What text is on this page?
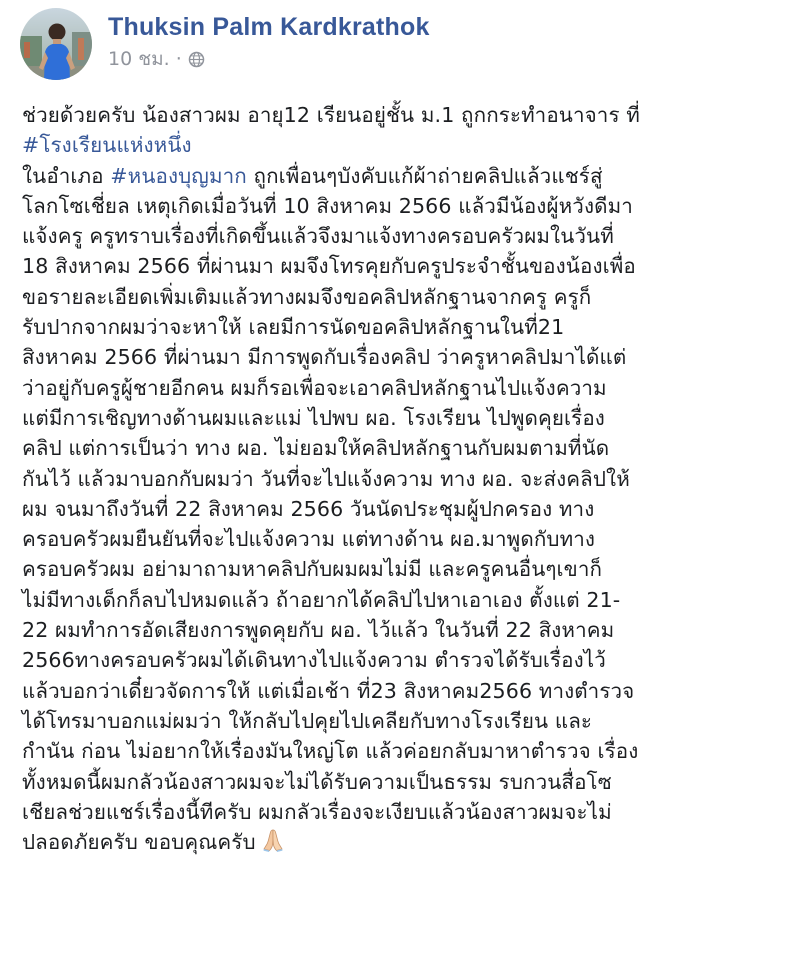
Thuksin Palm Kardkrathok
10 ชม. ·

ช่วยด้วยครับ น้องสาวผม อายุ12 เรียนอยู่ชั้น ม.1 ถูกกระทำอนาจาร ที่
#โรงเรียนแห่งหนึ่ง
ในอำเภอ #หนองบุญมาก ถูกเพื่อนๆบังคับแก้ผ้าถ่ายคลิปแล้วแชร์สู่
โลกโซเชี่ยล เหตุเกิดเมื่อวันที่ 10 สิงหาคม 2566 แล้วมีน้องผู้หวังดีมา
แจ้งครู ครูทราบเรื่องที่เกิดขึ้นแล้วจึงมาแจ้งทางครอบครัวผมในวันที่
18 สิงหาคม 2566 ที่ผ่านมา ผมจึงโทรคุยกับครูประจำชั้นของน้องเพื่อ
ขอรายละเอียดเพิ่มเติมแล้วทางผมจึงขอคลิปหลักฐานจากครู ครูก็
รับปากจากผมว่าจะหาให้ เลยมีการนัดขอคลิปหลักฐานในที่21
สิงหาคม 2566 ที่ผ่านมา มีการพูดกับเรื่องคลิป ว่าครูหาคลิปมาได้แต่
ว่าอยู่กับครูผู้ชายอีกคน ผมก็รอเพื่อจะเอาคลิปหลักฐานไปแจ้งความ
แต่มีการเชิญทางด้านผมและแม่ ไปพบ ผอ. โรงเรียน ไปพูดคุยเรื่อง
คลิป แต่การเป็นว่า ทาง ผอ. ไม่ยอมให้คลิปหลักฐานกับผมตามที่นัด
กันไว้ แล้วมาบอกกับผมว่า วันที่จะไปแจ้งความ ทาง ผอ. จะส่งคลิปให้
ผม จนมาถึงวันที่ 22 สิงหาคม 2566 วันนัดประชุมผู้ปกครอง ทาง
ครอบครัวผมยืนยันที่จะไปแจ้งความ แต่ทางด้าน ผอ.มาพูดกับทาง
ครอบครัวผม อย่ามาถามหาคลิปกับผมผมไม่มี และครูคนอื่นๆเขาก็
ไม่มีทางเด็กก็ลบไปหมดแล้ว ถ้าอยากได้คลิปไปหาเอาเอง ตั้งแต่ 21-
22 ผมทำการอัดเสียงการพูดคุยกับ ผอ. ไว้แล้ว ในวันที่ 22 สิงหาคม
2566ทางครอบครัวผมได้เดินทางไปแจ้งความ ตำรวจได้รับเรื่องไว้
แล้วบอกว่าเดี๋ยวจัดการให้ แต่เมื่อเช้า ที่23 สิงหาคม2566 ทางตำรวจ
ได้โทรมาบอกแม่ผมว่า ให้กลับไปคุยไปเคลียกับทางโรงเรียน และ
กำนัน ก่อน ไม่อยากให้เรื่องมันใหญ่โต แล้วค่อยกลับมาหาตำรวจ เรื่อง
ทั้งหมดนี้ผมกลัวน้องสาวผมจะไม่ได้รับความเป็นธรรม รบกวนสื่อโซ
เชียลช่วยแชร์เรื่องนี้ทีครับ ผมกลัวเรื่องจะเงียบแล้วน้องสาวผมจะไม่
ปลอดภัยครับ ขอบคุณครับ
